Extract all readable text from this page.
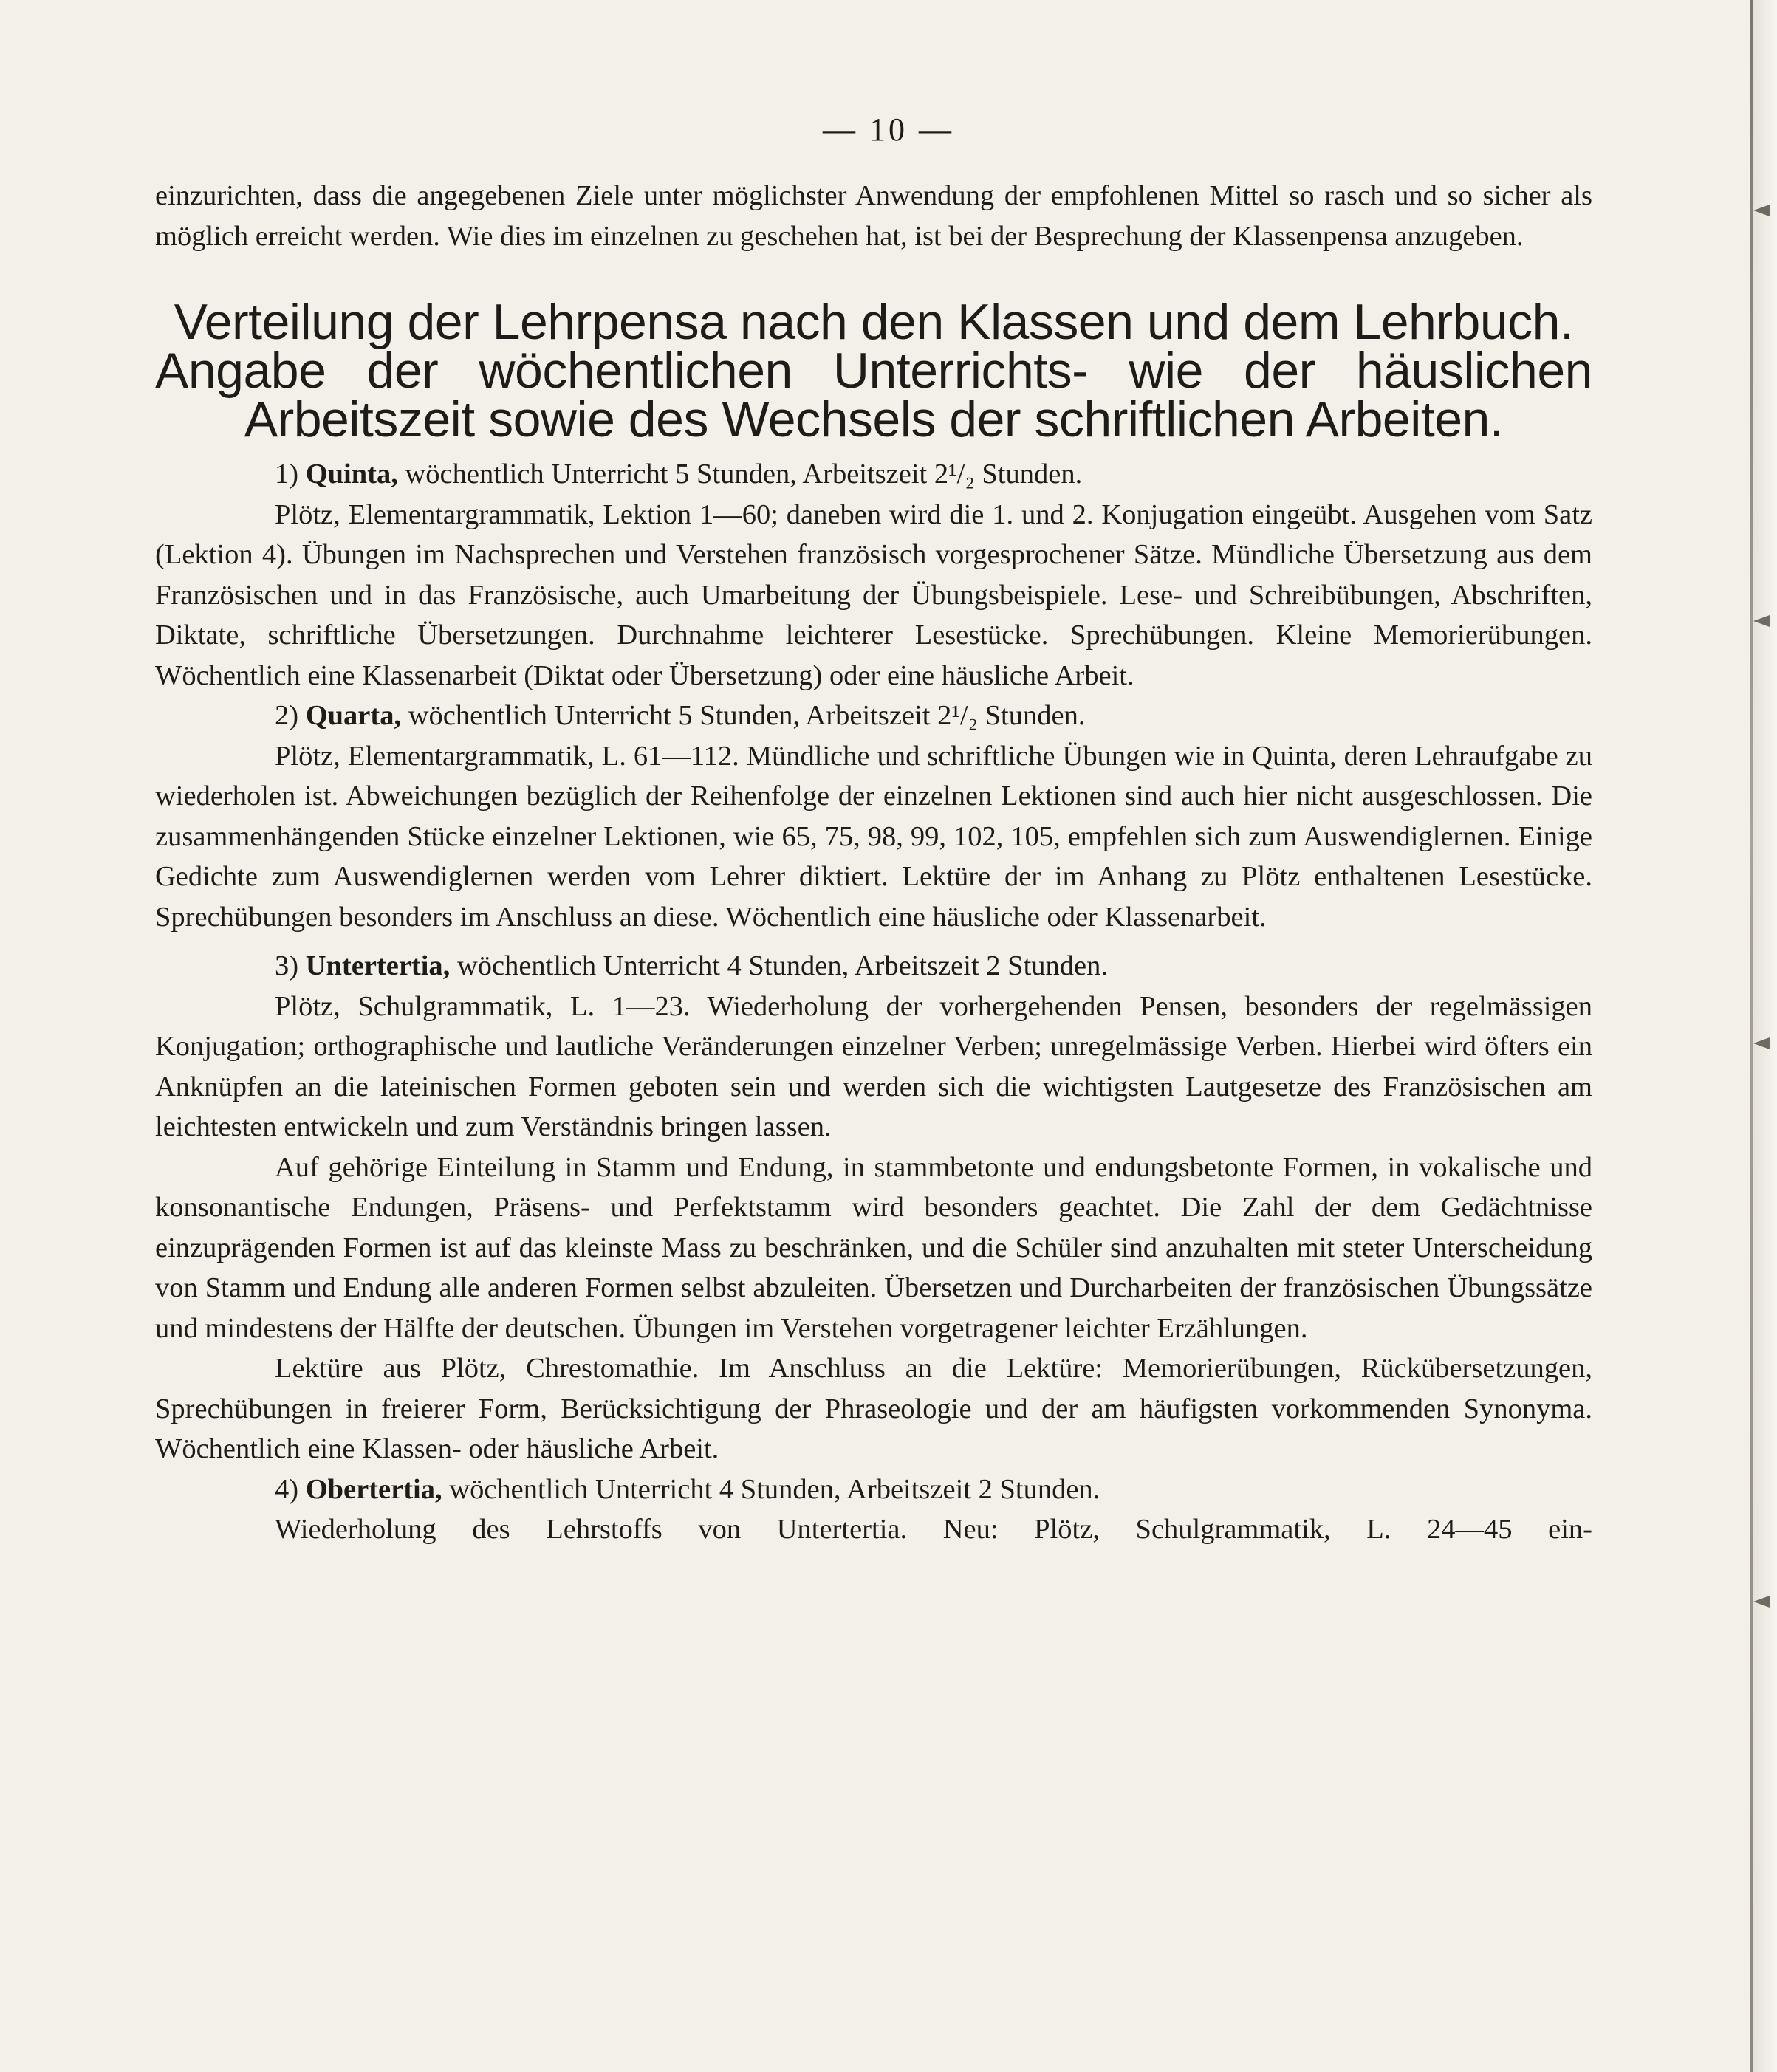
— 10 —

einzurichten, dass die angegebenen Ziele unter möglichster Anwendung der empfohlenen Mittel so rasch und so sicher als möglich erreicht werden. Wie dies im einzelnen zu geschehen hat, ist bei der Besprechung der Klassenpensa anzugeben.

Verteilung der Lehrpensa nach den Klassen und dem Lehrbuch.
Angabe der wöchentlichen Unterrichts- wie der häuslichen
Arbeitszeit sowie des Wechsels der schriftlichen Arbeiten.

1) Quinta, wöchentlich Unterricht 5 Stunden, Arbeitszeit 2¹/₂ Stunden.

Plötz, Elementargrammatik, Lektion 1—60; daneben wird die 1. und 2. Konjugation eingeübt. Ausgehen vom Satz (Lektion 4). Übungen im Nachsprechen und Verstehen französisch vorgesprochener Sätze. Mündliche Übersetzung aus dem Französischen und in das Französische, auch Umarbeitung der Übungsbeispiele. Lese- und Schreibübungen, Abschriften, Diktate, schriftliche Übersetzungen. Durchnahme leichterer Lesestücke. Sprechübungen. Kleine Memorierübungen. Wöchentlich eine Klassenarbeit (Diktat oder Übersetzung) oder eine häusliche Arbeit.

2) Quarta, wöchentlich Unterricht 5 Stunden, Arbeitszeit 2¹/₂ Stunden.

Plötz, Elementargrammatik, L. 61—112. Mündliche und schriftliche Übungen wie in Quinta, deren Lehraufgabe zu wiederholen ist. Abweichungen bezüglich der Reihenfolge der einzelnen Lektionen sind auch hier nicht ausgeschlossen. Die zusammenhängenden Stücke einzelner Lektionen, wie 65, 75, 98, 99, 102, 105, empfehlen sich zum Auswendiglernen. Einige Gedichte zum Auswendiglernen werden vom Lehrer diktiert. Lektüre der im Anhang zu Plötz enthaltenen Lesestücke. Sprechübungen besonders im Anschluss an diese. Wöchentlich eine häusliche oder Klassenarbeit.

3) Untertertia, wöchentlich Unterricht 4 Stunden, Arbeitszeit 2 Stunden.

Plötz, Schulgrammatik, L. 1—23. Wiederholung der vorhergehenden Pensen, besonders der regelmässigen Konjugation; orthographische und lautliche Veränderungen einzelner Verben; unregelmässige Verben. Hierbei wird öfters ein Anknüpfen an die lateinischen Formen geboten sein und werden sich die wichtigsten Lautgesetze des Französischen am leichtesten entwickeln und zum Verständnis bringen lassen.

Auf gehörige Einteilung in Stamm und Endung, in stammbetonte und endungsbetonte Formen, in vokalische und konsonantische Endungen, Präsens- und Perfektstamm wird besonders geachtet. Die Zahl der dem Gedächtnisse einzuprägenden Formen ist auf das kleinste Mass zu beschränken, und die Schüler sind anzuhalten mit steter Unterscheidung von Stamm und Endung alle anderen Formen selbst abzuleiten. Übersetzen und Durcharbeiten der französischen Übungssätze und mindestens der Hälfte der deutschen. Übungen im Verstehen vorgetragener leichter Erzählungen.

Lektüre aus Plötz, Chrestomathie. Im Anschluss an die Lektüre: Memorierübungen, Rückübersetzungen, Sprechübungen in freierer Form, Berücksichtigung der Phraseologie und der am häufigsten vorkommenden Synonyma. Wöchentlich eine Klassen- oder häusliche Arbeit.

4) Obertertia, wöchentlich Unterricht 4 Stunden, Arbeitszeit 2 Stunden.

Wiederholung des Lehrstoffs von Untertertia. Neu: Plötz, Schulgrammatik, L. 24—45 ein-
